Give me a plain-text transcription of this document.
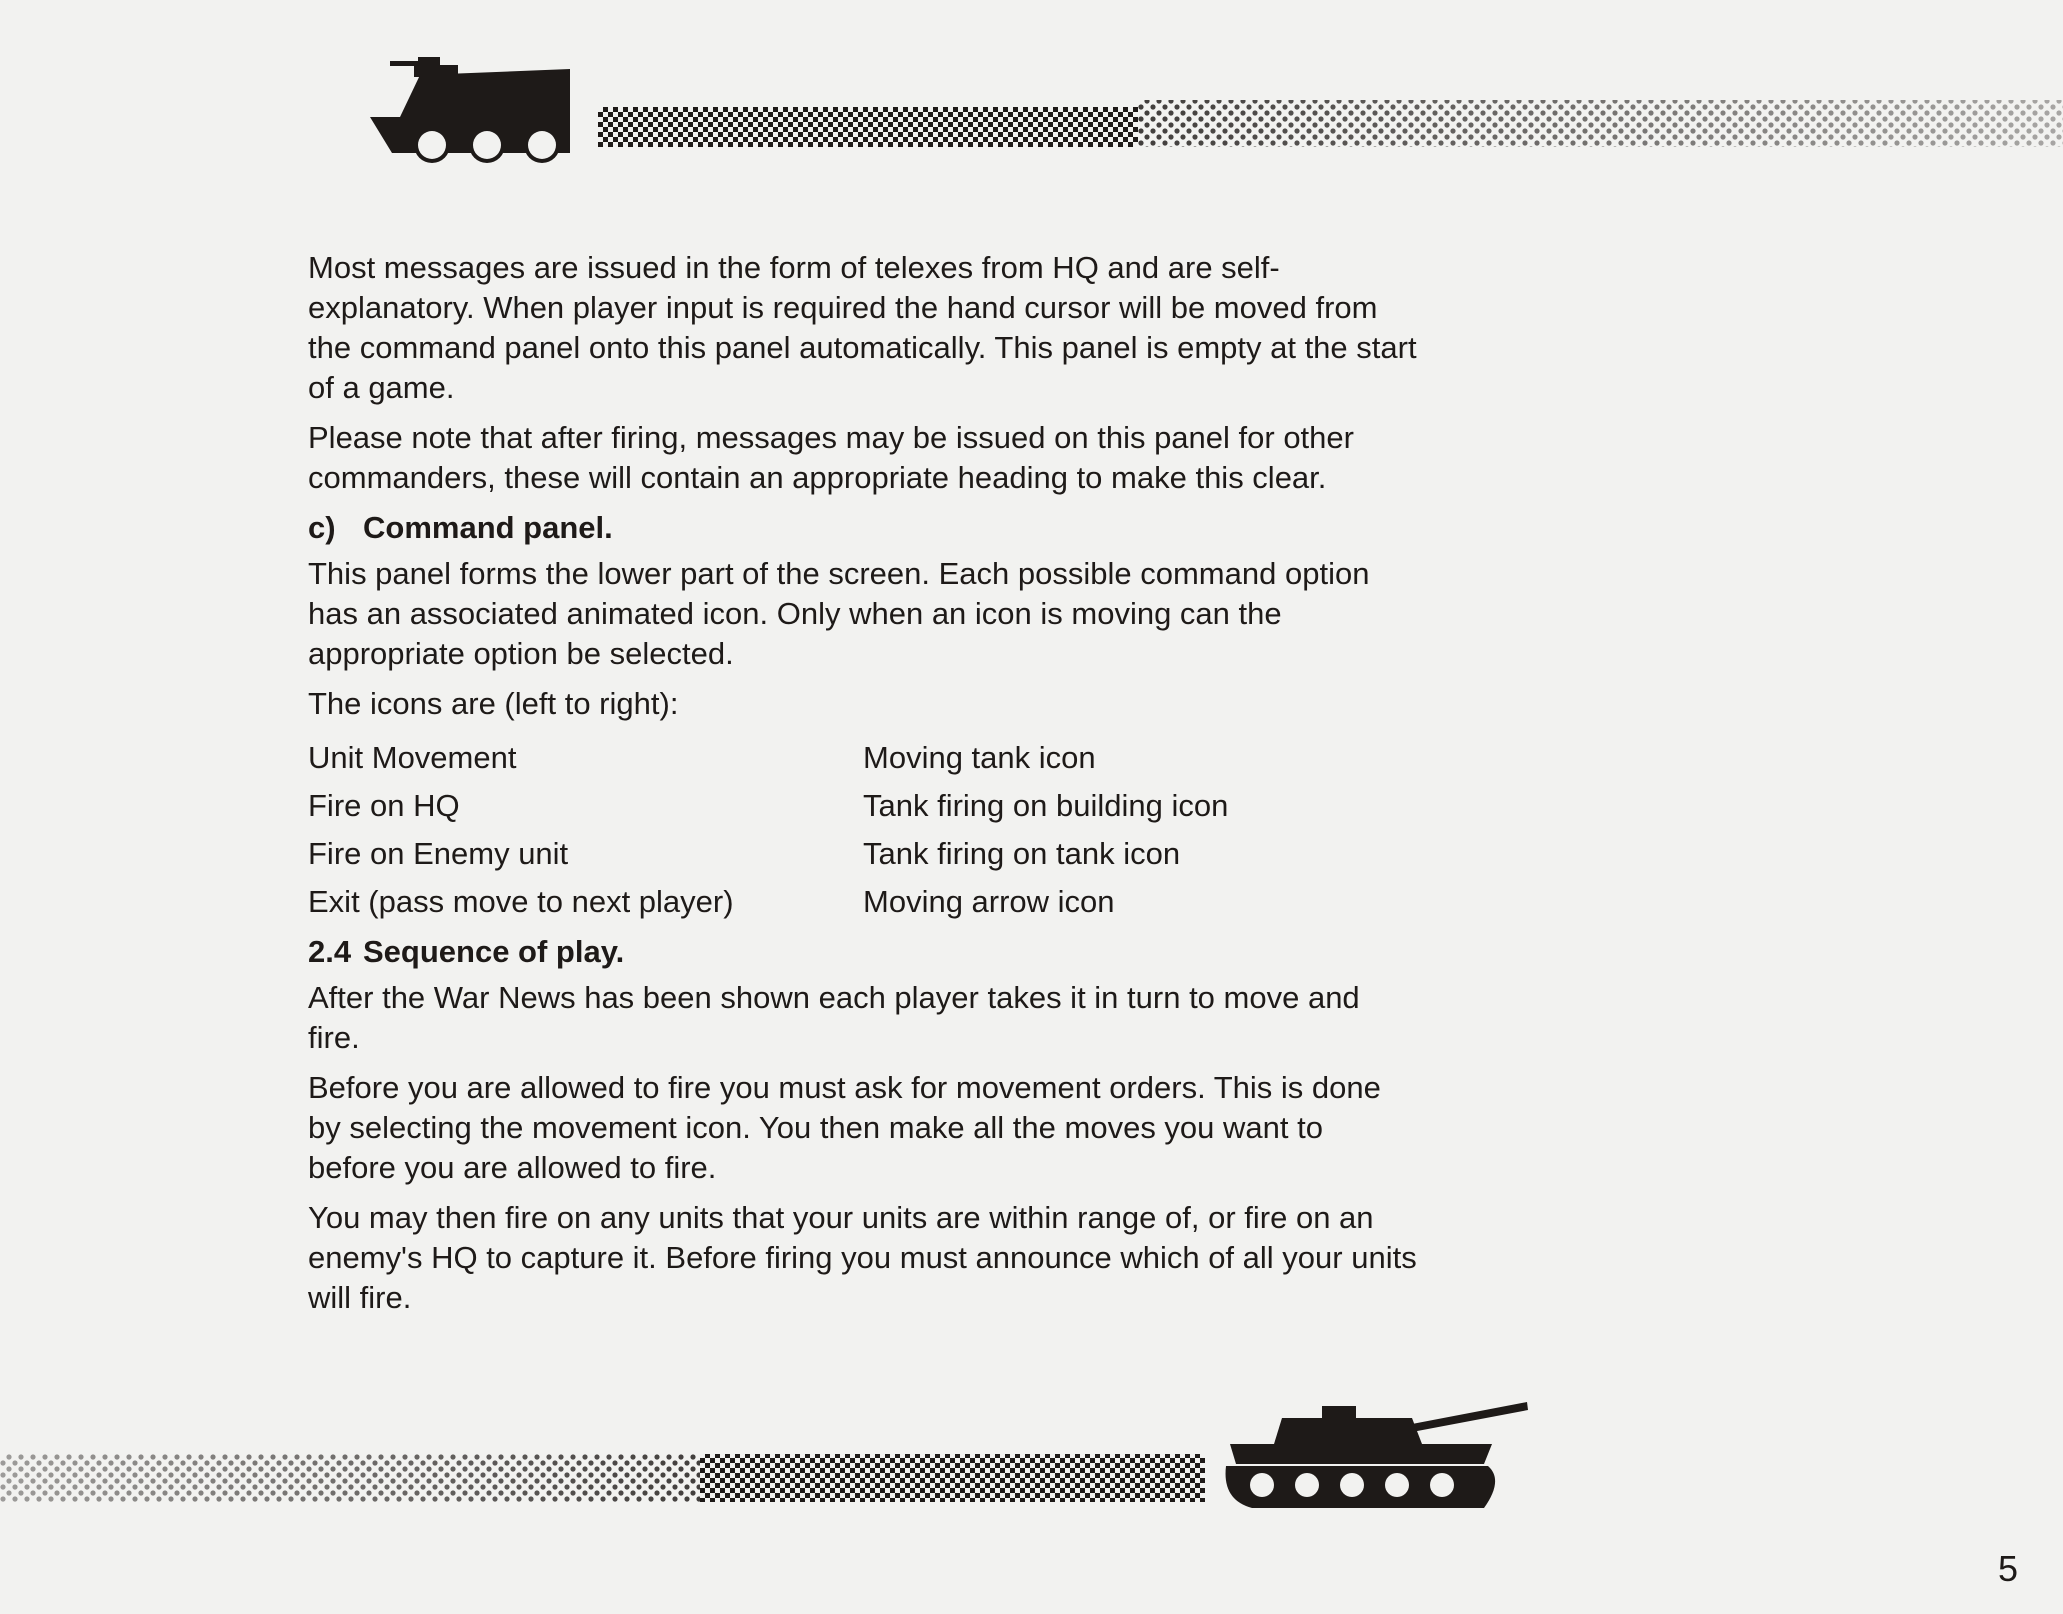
Most messages are issued in the form of telexes from HQ and are self-explanatory. When player input is required the hand cursor will be moved from the command panel onto this panel automatically. This panel is empty at the start of a game.

Please note that after firing, messages may be issued on this panel for other commanders, these will contain an appropriate heading to make this clear.

c) Command panel.

This panel forms the lower part of the screen. Each possible command option has an associated animated icon. Only when an icon is moving can the appropriate option be selected.

The icons are (left to right):

Unit Movement	Moving tank icon
Fire on HQ	Tank firing on building icon
Fire on Enemy unit	Tank firing on tank icon
Exit (pass move to next player)	Moving arrow icon
2.4 Sequence of play.

After the War News has been shown each player takes it in turn to move and fire.

Before you are allowed to fire you must ask for movement orders. This is done by selecting the movement icon. You then make all the moves you want to before you are allowed to fire.

You may then fire on any units that your units are within range of, or fire on an enemy's HQ to capture it. Before firing you must announce which of all your units will fire.

5
